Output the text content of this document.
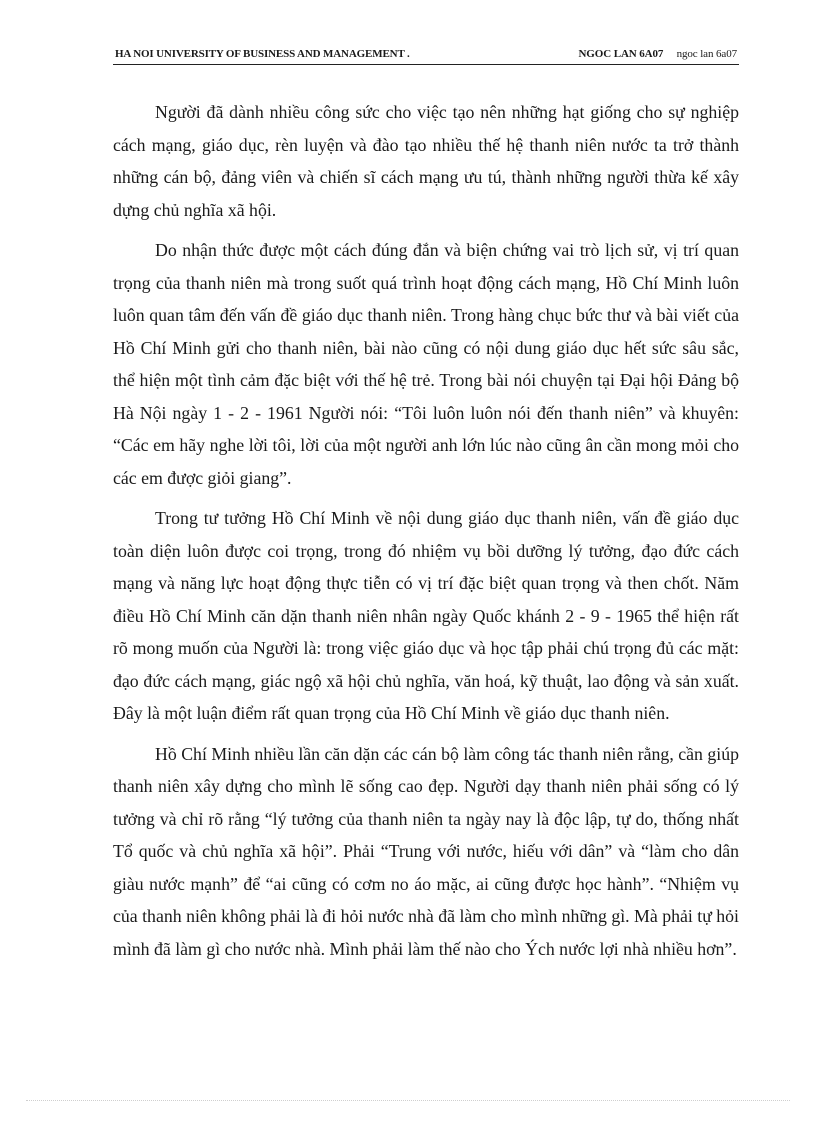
HA NOI UNIVERSITY OF BUSINESS AND MANAGEMENT .	NGOC LAN 6A07 ngoc lan 6a07

Người đã dành nhiều công sức cho việc tạo nên những hạt giống cho sự nghiệp cách mạng, giáo dục, rèn luyện và đào tạo nhiều thế hệ thanh niên nước ta trở thành những cán bộ, đảng viên và chiến sĩ cách mạng ưu tú, thành những người thừa kế xây dựng chủ nghĩa xã hội.

Do nhận thức được một cách đúng đắn và biện chứng vai trò lịch sử, vị trí quan trọng của thanh niên mà trong suốt quá trình hoạt động cách mạng, Hồ Chí Minh luôn luôn quan tâm đến vấn đề giáo dục thanh niên. Trong hàng chục bức thư và bài viết của Hồ Chí Minh gửi cho thanh niên, bài nào cũng có nội dung giáo dục hết sức sâu sắc, thể hiện một tình cảm đặc biệt với thế hệ trẻ. Trong bài nói chuyện tại Đại hội Đảng bộ Hà Nội ngày 1 - 2 - 1961 Người nói: “Tôi luôn luôn nói đến thanh niên” và khuyên: “Các em hãy nghe lời tôi, lời của một người anh lớn lúc nào cũng ân cần mong mỏi cho các em được giỏi giang”.

Trong tư tưởng Hồ Chí Minh về nội dung giáo dục thanh niên, vấn đề giáo dục toàn diện luôn được coi trọng, trong đó nhiệm vụ bồi dưỡng lý tưởng, đạo đức cách mạng và năng lực hoạt động thực tiễn có vị trí đặc biệt quan trọng và then chốt. Năm điều Hồ Chí Minh căn dặn thanh niên nhân ngày Quốc khánh 2 - 9 - 1965 thể hiện rất rõ mong muốn của Người là: trong việc giáo dục và học tập phải chú trọng đủ các mặt: đạo đức cách mạng, giác ngộ xã hội chủ nghĩa, văn hoá, kỹ thuật, lao động và sản xuất. Đây là một luận điểm rất quan trọng của Hồ Chí Minh về giáo dục thanh niên.

Hồ Chí Minh nhiều lần căn dặn các cán bộ làm công tác thanh niên rằng, cần giúp thanh niên xây dựng cho mình lẽ sống cao đẹp. Người dạy thanh niên phải sống có lý tưởng và chỉ rõ rằng “lý tưởng của thanh niên ta ngày nay là độc lập, tự do, thống nhất Tổ quốc và chủ nghĩa xã hội”. Phải “Trung với nước, hiếu với dân” và “làm cho dân giàu nước mạnh” để “ai cũng có cơm no áo mặc, ai cũng được học hành”. “Nhiệm vụ của thanh niên không phải là đi hỏi nước nhà đã làm cho mình những gì. Mà phải tự hỏi mình đã làm gì cho nước nhà. Mình phải làm thế nào cho Ých nước lợi nhà nhiều hơn”.
